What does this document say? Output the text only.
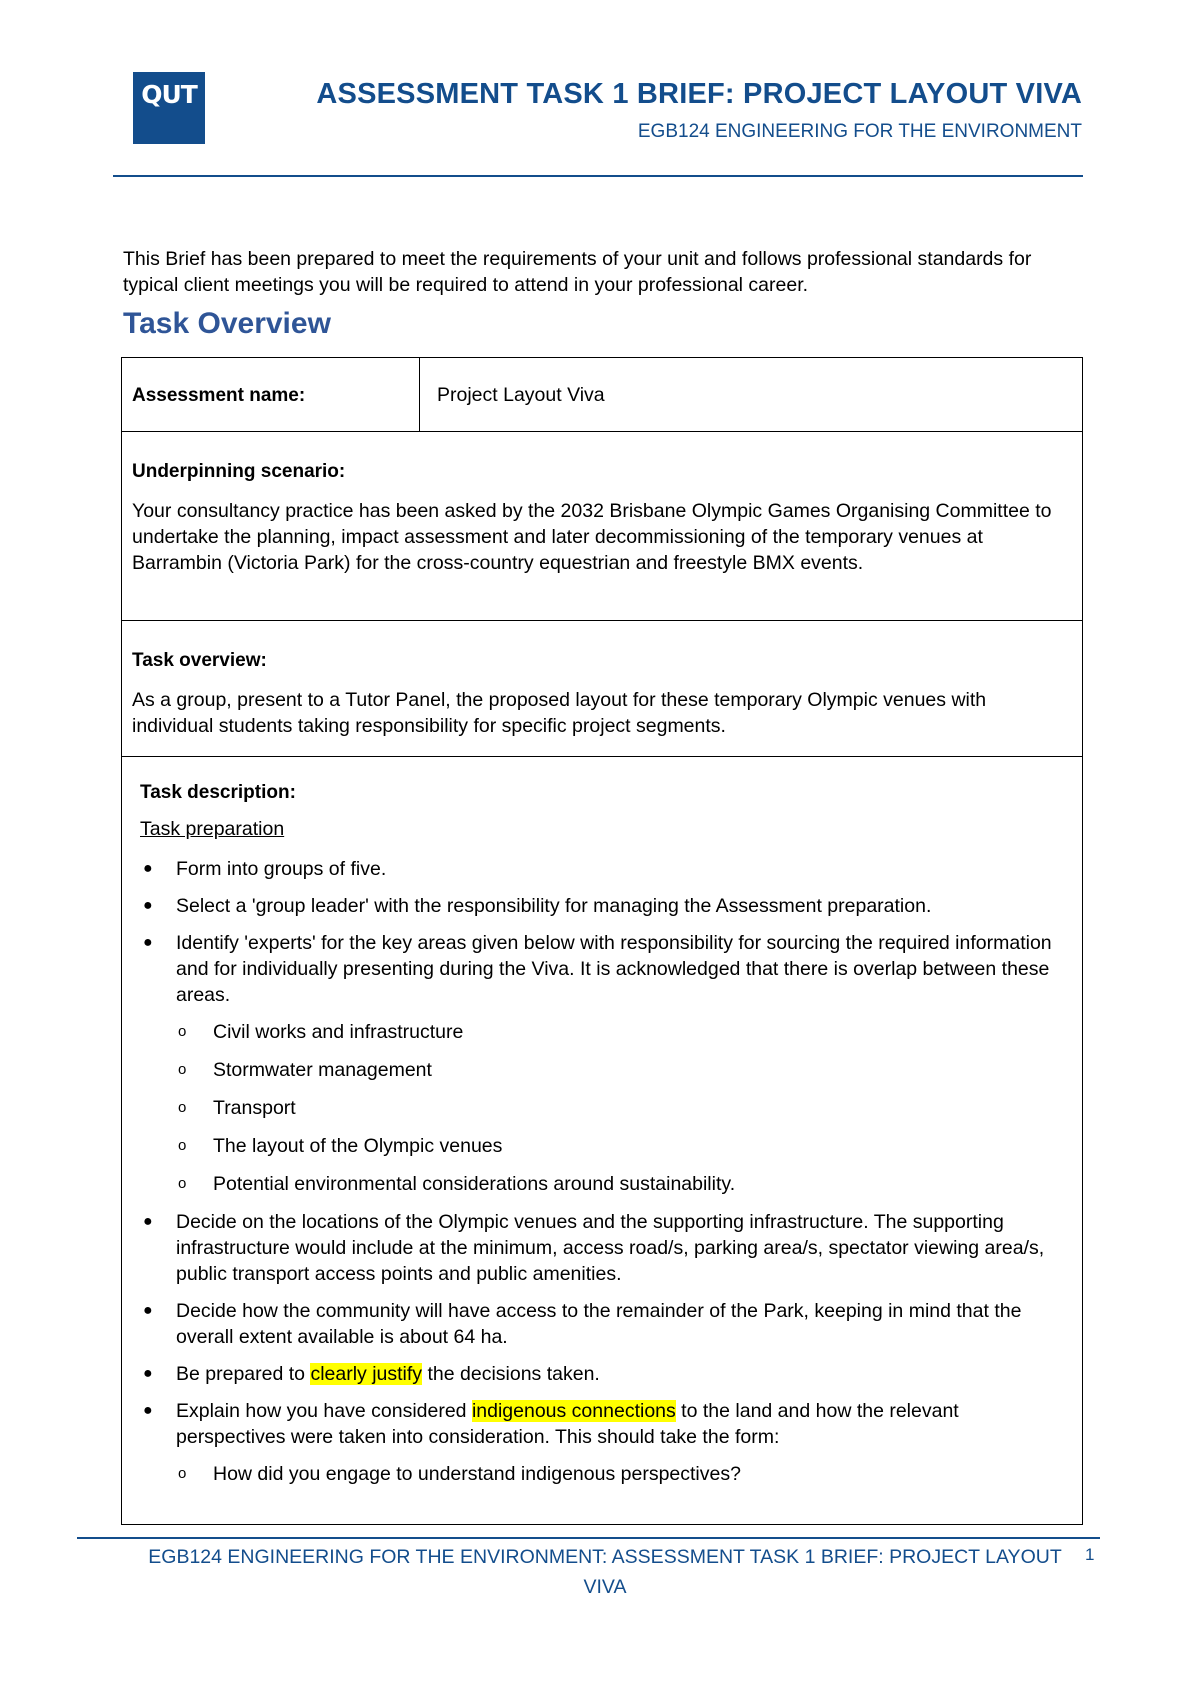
QUT	ASSESSMENT TASK 1 BRIEF: PROJECT LAYOUT VIVA
EGB124 ENGINEERING FOR THE ENVIRONMENT
This Brief has been prepared to meet the requirements of your unit and follows professional standards for typical client meetings you will be required to attend in your professional career.
Task Overview
Assessment name:	Project Layout Viva
Underpinning scenario:
Your consultancy practice has been asked by the 2032 Brisbane Olympic Games Organising Committee to undertake the planning, impact assessment and later decommissioning of the temporary venues at Barrambin (Victoria Park) for the cross-country equestrian and freestyle BMX events.
Task overview:
As a group, present to a Tutor Panel, the proposed layout for these temporary Olympic venues with individual students taking responsibility for specific project segments.
Task description:
Task preparation
● Form into groups of five.
● Select a 'group leader' with the responsibility for managing the Assessment preparation.
● Identify 'experts' for the key areas given below with responsibility for sourcing the required information and for individually presenting during the Viva. It is acknowledged that there is overlap between these areas.
o Civil works and infrastructure
o Stormwater management
o Transport
o The layout of the Olympic venues
o Potential environmental considerations around sustainability.
● Decide on the locations of the Olympic venues and the supporting infrastructure. The supporting infrastructure would include at the minimum, access road/s, parking area/s, spectator viewing area/s, public transport access points and public amenities.
● Decide how the community will have access to the remainder of the Park, keeping in mind that the overall extent available is about 64 ha.
● Be prepared to clearly justify the decisions taken.
● Explain how you have considered indigenous connections to the land and how the relevant perspectives were taken into consideration. This should take the form:
o How did you engage to understand indigenous perspectives?
EGB124 ENGINEERING FOR THE ENVIRONMENT: ASSESSMENT TASK 1 BRIEF: PROJECT LAYOUT VIVA
1
